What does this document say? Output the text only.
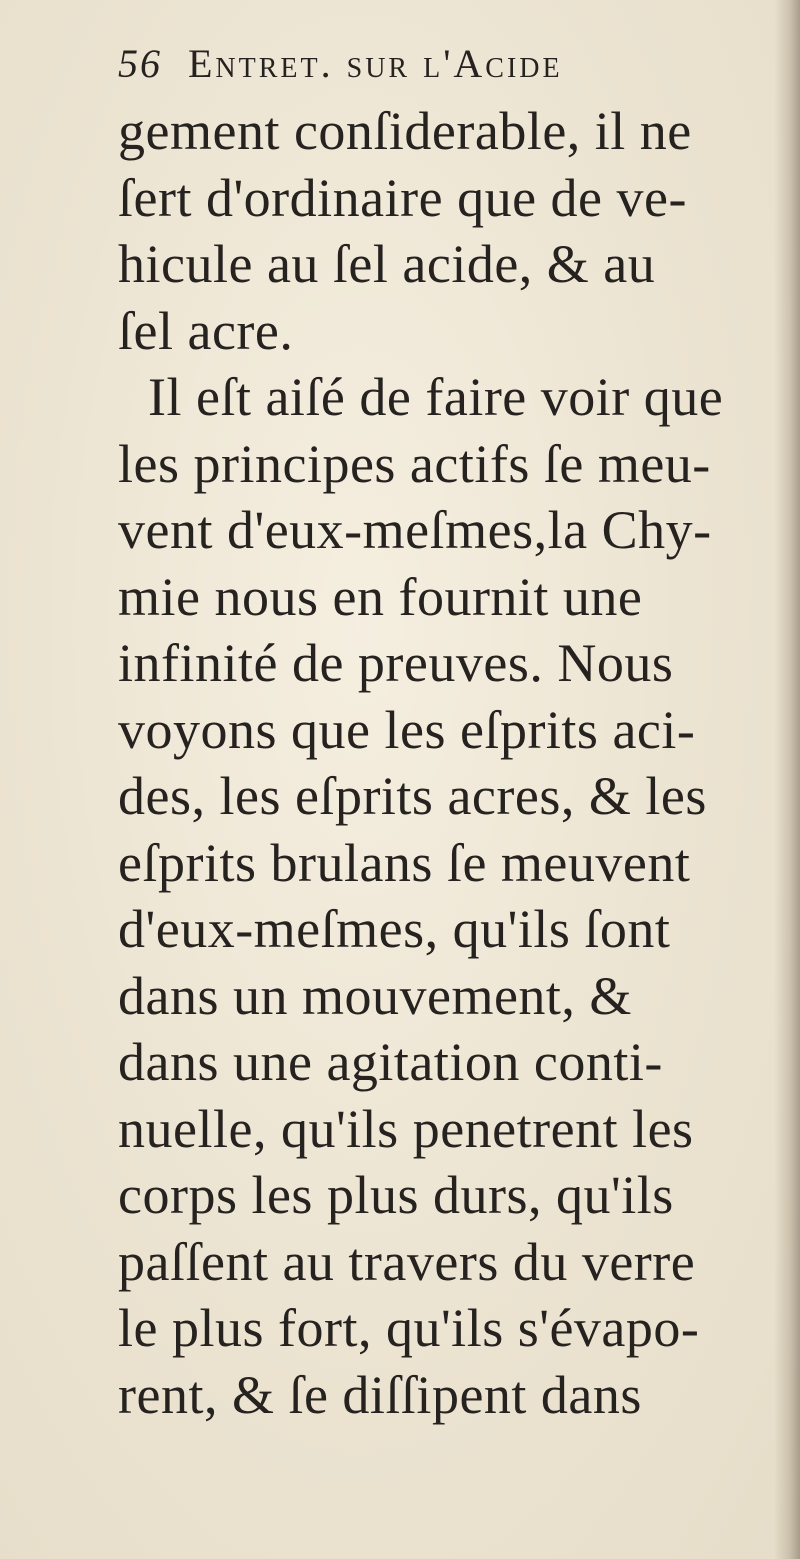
56 Entret. sur l'Acide
gement conſiderable, il ne
ſert d'ordinaire que de ve-
hicule au ſel acide, & au
ſel acre.
Il eſt aiſé de faire voir que
les principes actifs ſe meu-
vent d'eux-meſmes,la Chy-
mie nous en fournit une
infinité de preuves. Nous
voyons que les eſprits aci-
des, les eſprits acres, & les
eſprits brulans ſe meuvent
d'eux-meſmes, qu'ils ſont
dans un mouvement, &
dans une agitation conti-
nuelle, qu'ils penetrent les
corps les plus durs, qu'ils
paſſent au travers du verre
le plus fort, qu'ils s'évapo-
rent, & ſe diſſipent dans
